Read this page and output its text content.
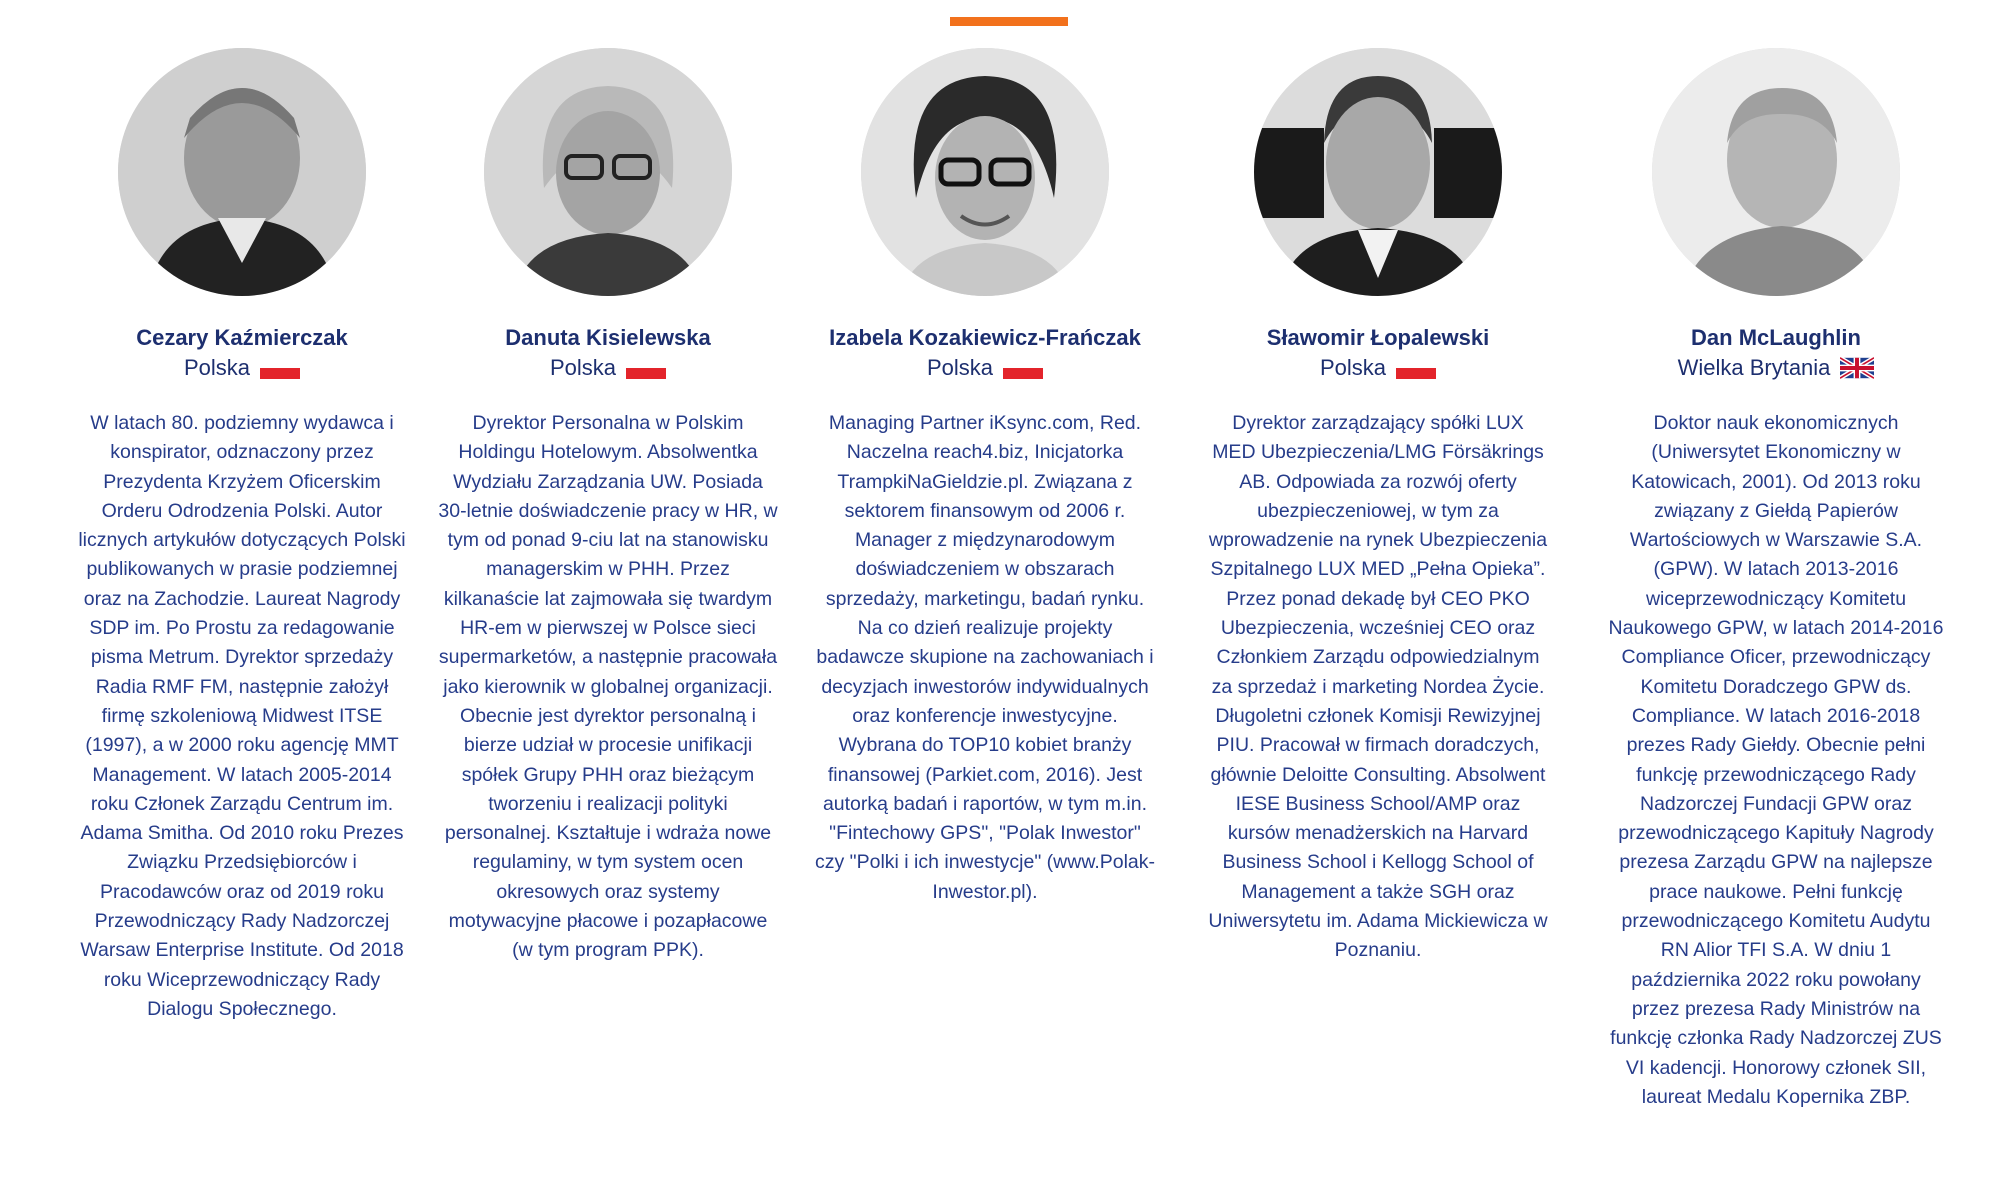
Cezary Kaźmierczak
Polska
W latach 80. podziemny wydawca i konspirator, odznaczony przez Prezydenta Krzyżem Oficerskim Orderu Odrodzenia Polski. Autor licznych artykułów dotyczących Polski publikowanych w prasie podziemnej oraz na Zachodzie. Laureat Nagrody SDP im. Po Prostu za redagowanie pisma Metrum. Dyrektor sprzedaży Radia RMF FM, następnie założył firmę szkoleniową Midwest ITSE (1997), a w 2000 roku agencję MMT Management. W latach 2005-2014 roku Członek Zarządu Centrum im. Adama Smitha. Od 2010 roku Prezes Związku Przedsiębiorców i Pracodawców oraz od 2019 roku Przewodniczący Rady Nadzorczej Warsaw Enterprise Institute. Od 2018 roku Wiceprzewodniczący Rady Dialogu Społecznego.
Danuta Kisielewska
Polska
Dyrektor Personalna w Polskim Holdingu Hotelowym. Absolwentka Wydziału Zarządzania UW. Posiada 30-letnie doświadczenie pracy w HR, w tym od ponad 9-ciu lat na stanowisku managerskim w PHH. Przez kilkanaście lat zajmowała się twardym HR-em w pierwszej w Polsce sieci supermarketów, a następnie pracowała jako kierownik w globalnej organizacji. Obecnie jest dyrektor personalną i bierze udział w procesie unifikacji spółek Grupy PHH oraz bieżącym tworzeniu i realizacji polityki personalnej. Kształtuje i wdraża nowe regulaminy, w tym system ocen okresowych oraz systemy motywacyjne płacowe i pozapłacowe (w tym program PPK).
Izabela Kozakiewicz-Frańczak
Polska
Managing Partner iKsync.com, Red. Naczelna reach4.biz, Inicjatorka TrampkiNaGieldzie.pl. Związana z sektorem finansowym od 2006 r. Manager z międzynarodowym doświadczeniem w obszarach sprzedaży, marketingu, badań rynku. Na co dzień realizuje projekty badawcze skupione na zachowaniach i decyzjach inwestorów indywidualnych oraz konferencje inwestycyjne. Wybrana do TOP10 kobiet branży finansowej (Parkiet.com, 2016). Jest autorką badań i raportów, w tym m.in. "Fintechowy GPS", "Polak Inwestor" czy "Polki i ich inwestycje" (www.Polak-Inwestor.pl).
Sławomir Łopalewski
Polska
Dyrektor zarządzający spółki LUX MED Ubezpieczenia/LMG Försäkrings AB. Odpowiada za rozwój oferty ubezpieczeniowej, w tym za wprowadzenie na rynek Ubezpieczenia Szpitalnego LUX MED „Pełna Opieka”. Przez ponad dekadę był CEO PKO Ubezpieczenia, wcześniej CEO oraz Członkiem Zarządu odpowiedzialnym za sprzedaż i marketing Nordea Życie. Długoletni członek Komisji Rewizyjnej PIU. Pracował w firmach doradczych, głównie Deloitte Consulting. Absolwent IESE Business School/AMP oraz kursów menadżerskich na Harvard Business School i Kellogg School of Management a także SGH oraz Uniwersytetu im. Adama Mickiewicza w Poznaniu.
Dan McLaughlin
Wielka Brytania
Doktor nauk ekonomicznych (Uniwersytet Ekonomiczny w Katowicach, 2001). Od 2013 roku związany z Giełdą Papierów Wartościowych w Warszawie S.A. (GPW). W latach 2013-2016 wiceprzewodniczący Komitetu Naukowego GPW, w latach 2014-2016 Compliance Oficer, przewodniczący Komitetu Doradczego GPW ds. Compliance. W latach 2016-2018 prezes Rady Giełdy. Obecnie pełni funkcję przewodniczącego Rady Nadzorczej Fundacji GPW oraz przewodniczącego Kapituły Nagrody prezesa Zarządu GPW na najlepsze prace naukowe. Pełni funkcję przewodniczącego Komitetu Audytu RN Alior TFI S.A. W dniu 1 października 2022 roku powołany przez prezesa Rady Ministrów na funkcję członka Rady Nadzorczej ZUS VI kadencji. Honorowy członek SII, laureat Medalu Kopernika ZBP.
